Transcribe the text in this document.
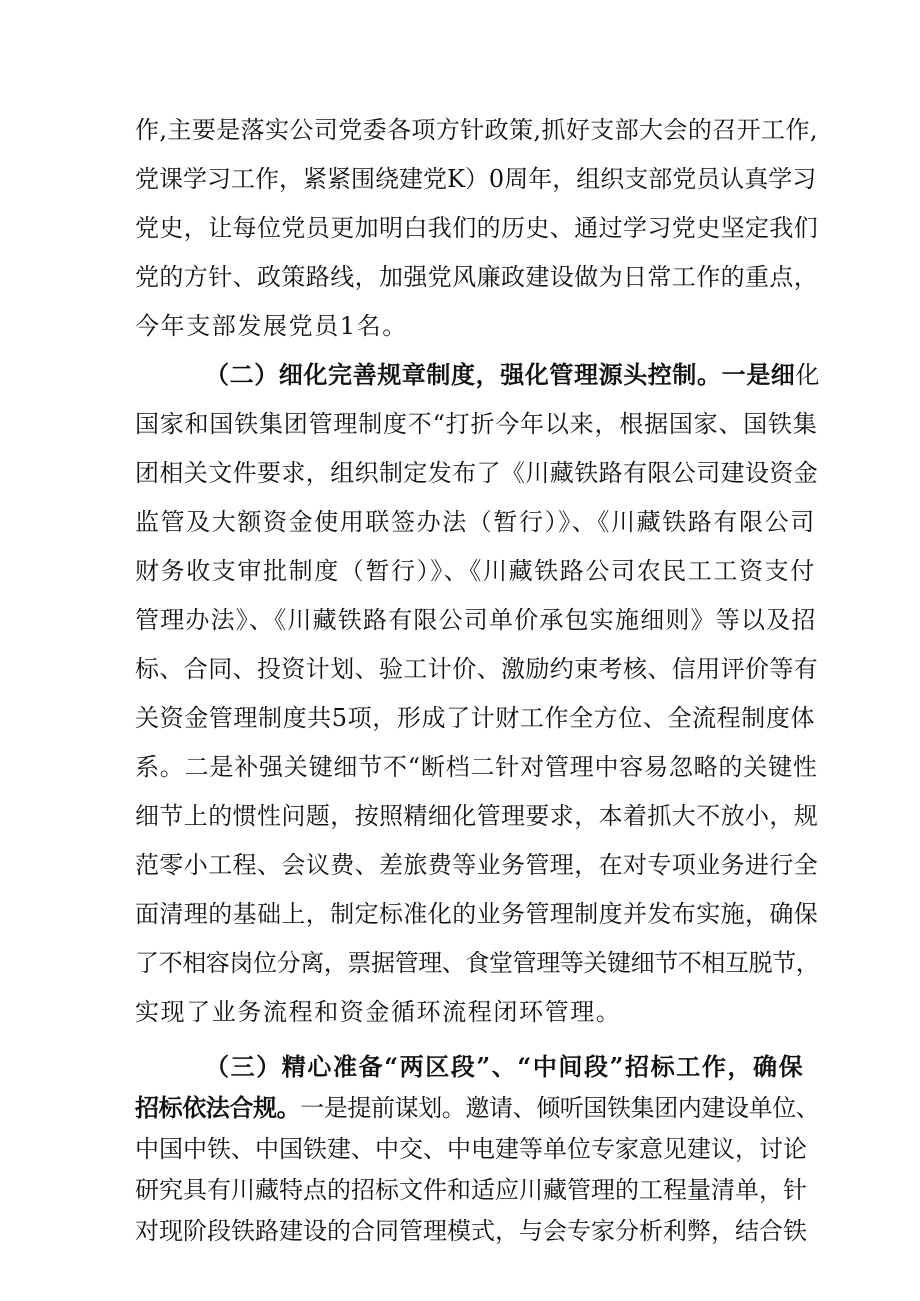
作,主要是落实公司党委各项方针政策,抓好支部大会的召开工作,
党课学习工作，紧紧围绕建党K）0周年，组织支部党员认真学习
党史，让每位党员更加明白我们的历史、通过学习党史坚定我们
党的方针、政策路线，加强党风廉政建设做为日常工作的重点，
今年支部发展党员1名。
（二）细化完善规章制度，强化管理源头控制。一是细化
国家和国铁集团管理制度不“打折今年以来，根据国家、国铁集
团相关文件要求，组织制定发布了《川藏铁路有限公司建设资金
监管及大额资金使用联签办法（暂行）》、《川藏铁路有限公司
财务收支审批制度（暂行）》、《川藏铁路公司农民工工资支付
管理办法》、《川藏铁路有限公司单价承包实施细则》等以及招
标、合同、投资计划、验工计价、激励约束考核、信用评价等有
关资金管理制度共5项，形成了计财工作全方位、全流程制度体
系。二是补强关键细节不“断档二针对管理中容易忽略的关键性
细节上的惯性问题，按照精细化管理要求，本着抓大不放小，规
范零小工程、会议费、差旅费等业务管理，在对专项业务进行全
面清理的基础上，制定标准化的业务管理制度并发布实施，确保
了不相容岗位分离，票据管理、食堂管理等关键细节不相互脱节，
实现了业务流程和资金循环流程闭环管理。
（三）精心准备“两区段”、“中间段”招标工作，确保
招标依法合规。一是提前谋划。邀请、倾听国铁集团内建设单位、
中国中铁、中国铁建、中交、中电建等单位专家意见建议，讨论
研究具有川藏特点的招标文件和适应川藏管理的工程量清单，针
对现阶段铁路建设的合同管理模式，与会专家分析利弊，结合铁
